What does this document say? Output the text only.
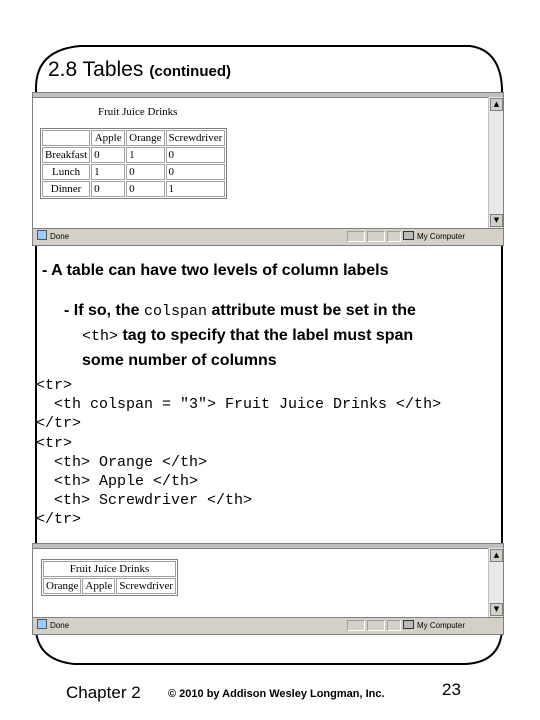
2.8 Tables (continued)
▲
▼
Done	My Computer
Fruit Juice Drinks
	Apple	Orange	Screwdriver
Breakfast	0	1	0
Lunch	1	0	0
Dinner	0	0	1
- A table can have two levels of column labels
- If so, the colspan attribute must be set in the
<th> tag to specify that the label must span
some number of columns
<tr>
<th colspan = "3"> Fruit Juice Drinks </th>
</tr>
<tr>
<th> Orange </th>
<th> Apple </th>
<th> Screwdriver </th>
</tr>
▲
▼
Done	My Computer
Fruit Juice Drinks
Orange	Apple	Screwdriver
Chapter 2 © 2010 by Addison Wesley Longman, Inc.	23
